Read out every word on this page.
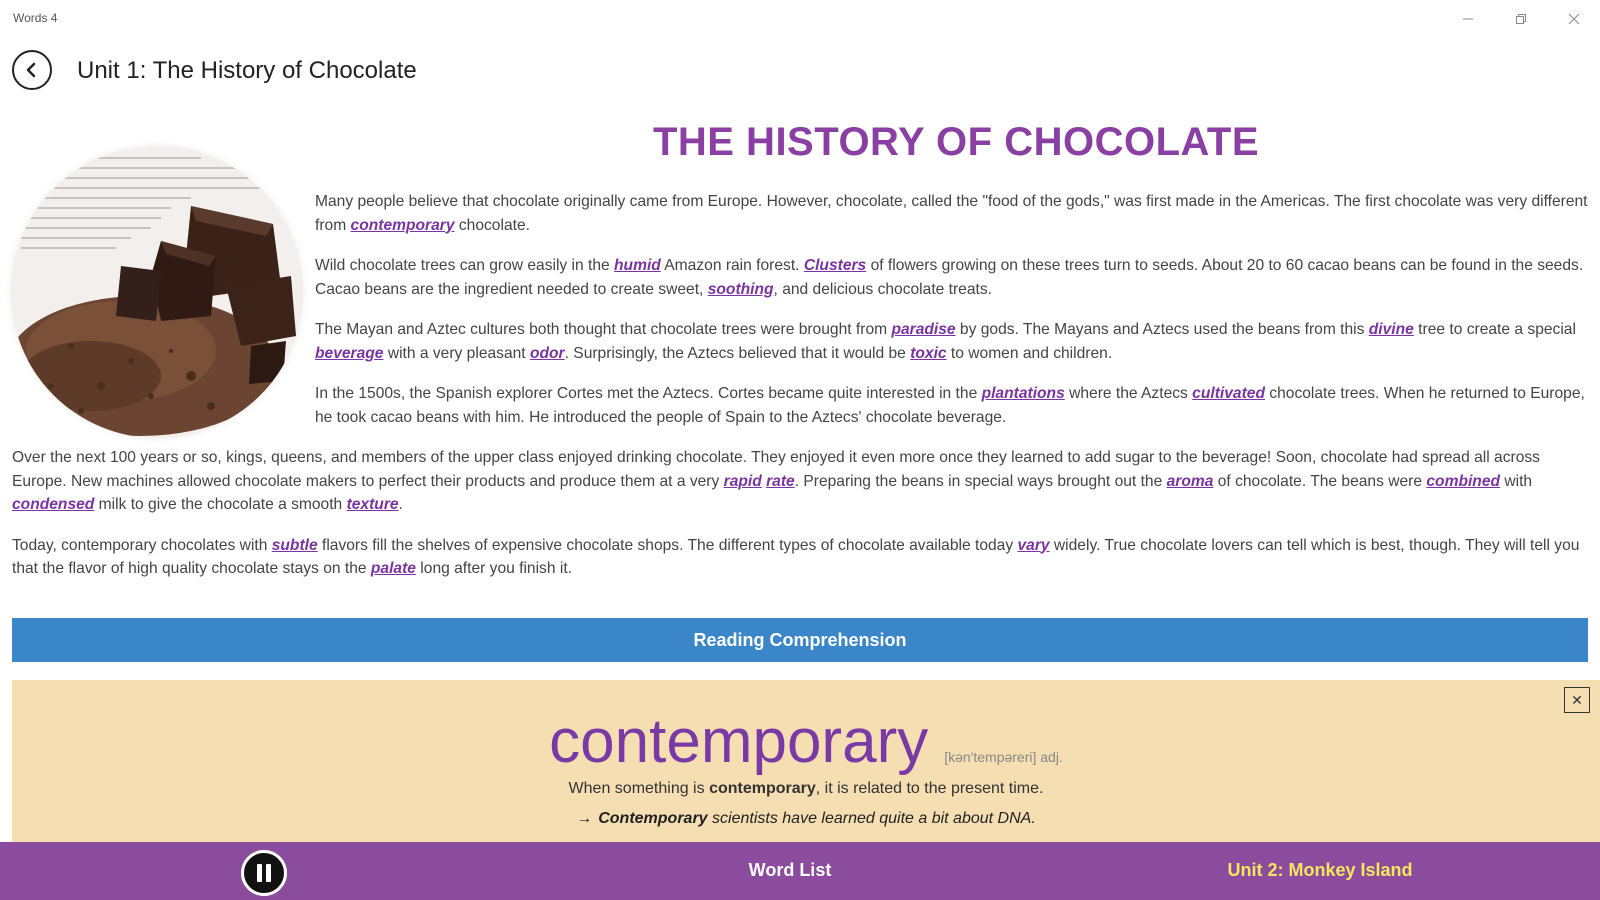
Words 4
Unit 1: The History of Chocolate
THE HISTORY OF CHOCOLATE

Many people believe that chocolate originally came from Europe. However, chocolate, called the "food of the gods," was first made in the Americas. The first chocolate was very different from contemporary chocolate.

Wild chocolate trees can grow easily in the humid Amazon rain forest. Clusters of flowers growing on these trees turn to seeds. About 20 to 60 cacao beans can be found in the seeds. Cacao beans are the ingredient needed to create sweet, soothing, and delicious chocolate treats.

The Mayan and Aztec cultures both thought that chocolate trees were brought from paradise by gods. The Mayans and Aztecs used the beans from this divine tree to create a special beverage with a very pleasant odor. Surprisingly, the Aztecs believed that it would be toxic to women and children.

In the 1500s, the Spanish explorer Cortes met the Aztecs. Cortes became quite interested in the plantations where the Aztecs cultivated chocolate trees. When he returned to Europe, he took cacao beans with him. He introduced the people of Spain to the Aztecs' chocolate beverage.

Over the next 100 years or so, kings, queens, and members of the upper class enjoyed drinking chocolate. They enjoyed it even more once they learned to add sugar to the beverage! Soon, chocolate had spread all across Europe. New machines allowed chocolate makers to perfect their products and produce them at a very rapid rate. Preparing the beans in special ways brought out the aroma of chocolate. The beans were combined with condensed milk to give the chocolate a smooth texture.

Today, contemporary chocolates with subtle flavors fill the shelves of expensive chocolate shops. The different types of chocolate available today vary widely. True chocolate lovers can tell which is best, though. They will tell you that the flavor of high quality chocolate stays on the palate long after you finish it.

Reading Comprehension
✕
contemporary [kən'tempəreri] adj.
When something is contemporary, it is related to the present time.
→ Contemporary scientists have learned quite a bit about DNA.
Word List	Unit 2: Monkey Island
